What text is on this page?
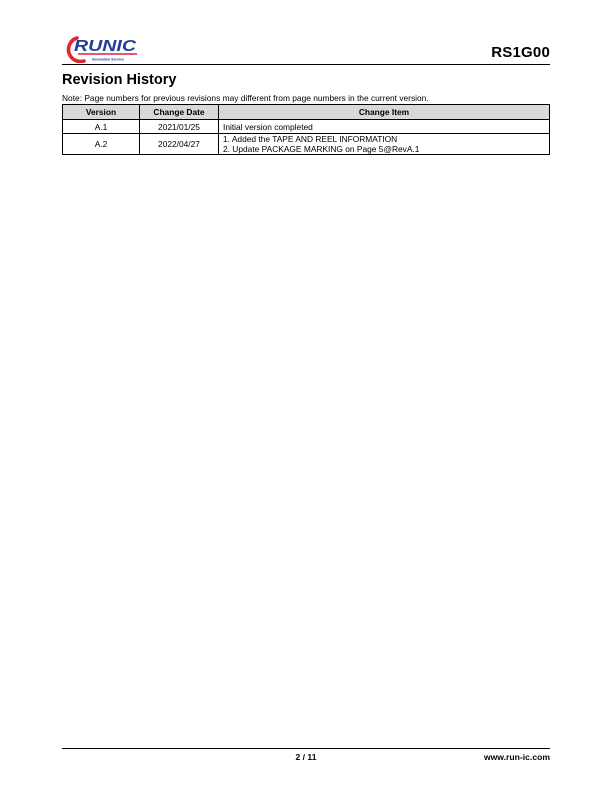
RUNIC
Innovation Service	RS1G00
Revision History
Note: Page numbers for previous revisions may different from page numbers in the current version.
Version	Change Date	Change Item
A.1	2021/01/25	Initial version completed

A.2	2022/04/27	1. Added the TAPE AND REEL INFORMATION
2. Update PACKAGE MARKING on Page 5@RevA.1
2 / 11	www.run-ic.com
